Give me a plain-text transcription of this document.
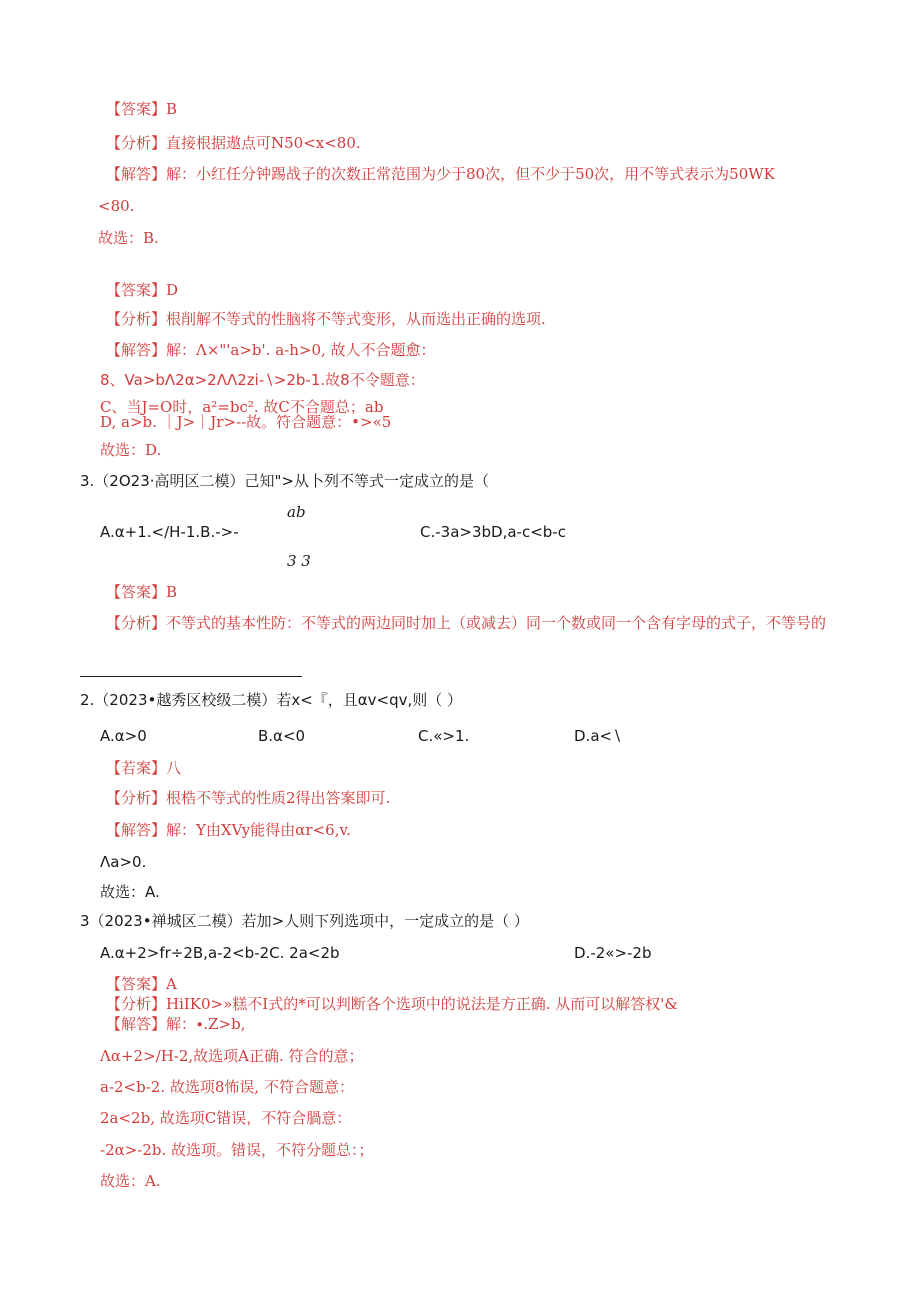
【答案】B
【分析】直接根据遨点可N50<x<80.
【解答】解：小红任分钟踢战子的次数正常范围为少于80次，但不少于50次，用不等式表示为50WK
<80.
故选：B.
【答案】D
【分析】根削解不等式的性脑将不等式变形，从而选出正确的选项.
【解答】解：Λ×"'a>b'. a-h>0, 故人不合题愈：
8、Va>bΛ2α>2ΛΛ2zi-∖>2b-1.故8不令题意：
C、当J=O时，a²=bc². 故C不合题总；ab
D, a>b. ｜J>｜Jr>--故。符合题意：•>«5
故选：D.
3.（2O23·高明区二模）己知">从卜列不等式一定成立的是（
ab
A.α+1.<∕H-1.B.->-	C.-3a>3bD,a-c<b-c
3 3
【答案】B
【分析】不等式的基本性防：不等式的两边同时加上（或减去）同一个数或同一个含有字母的式子，不等号的
2.（2023•越秀区校级二模）若x<『，且αv<qv,则（ ）
A.α>0	B.α<0	C.«>1.	D.a<∖
【若案】八
【分析】根梏不等式的性质2得出答案即可.
【解答】解：Y由XVy能得由αr<6,v.
Λa>0.
故选：A.
3（2023•禅城区二模）若加>人则下列选项中，一定成立的是（ ）
A.α+2>fr÷2B,a-2<b-2C. 2a<2b	D.-2«>-2b
【答案】A
【分析】HiIK0>»糕不I式的*可以判断各个选项中的说法是方正确. 从而可以解答权'&
【解答】解：∙.Z>b,
Λα+2>∕H-2,故选项A正确. 符合的意；
a-2<b-2. 故选项8怖误, 不符合题意：
2a<2b, 故选项C错误，不符合腡意：
-2α>-2b. 故选项。错误，不符分题总：；
故选：A.
